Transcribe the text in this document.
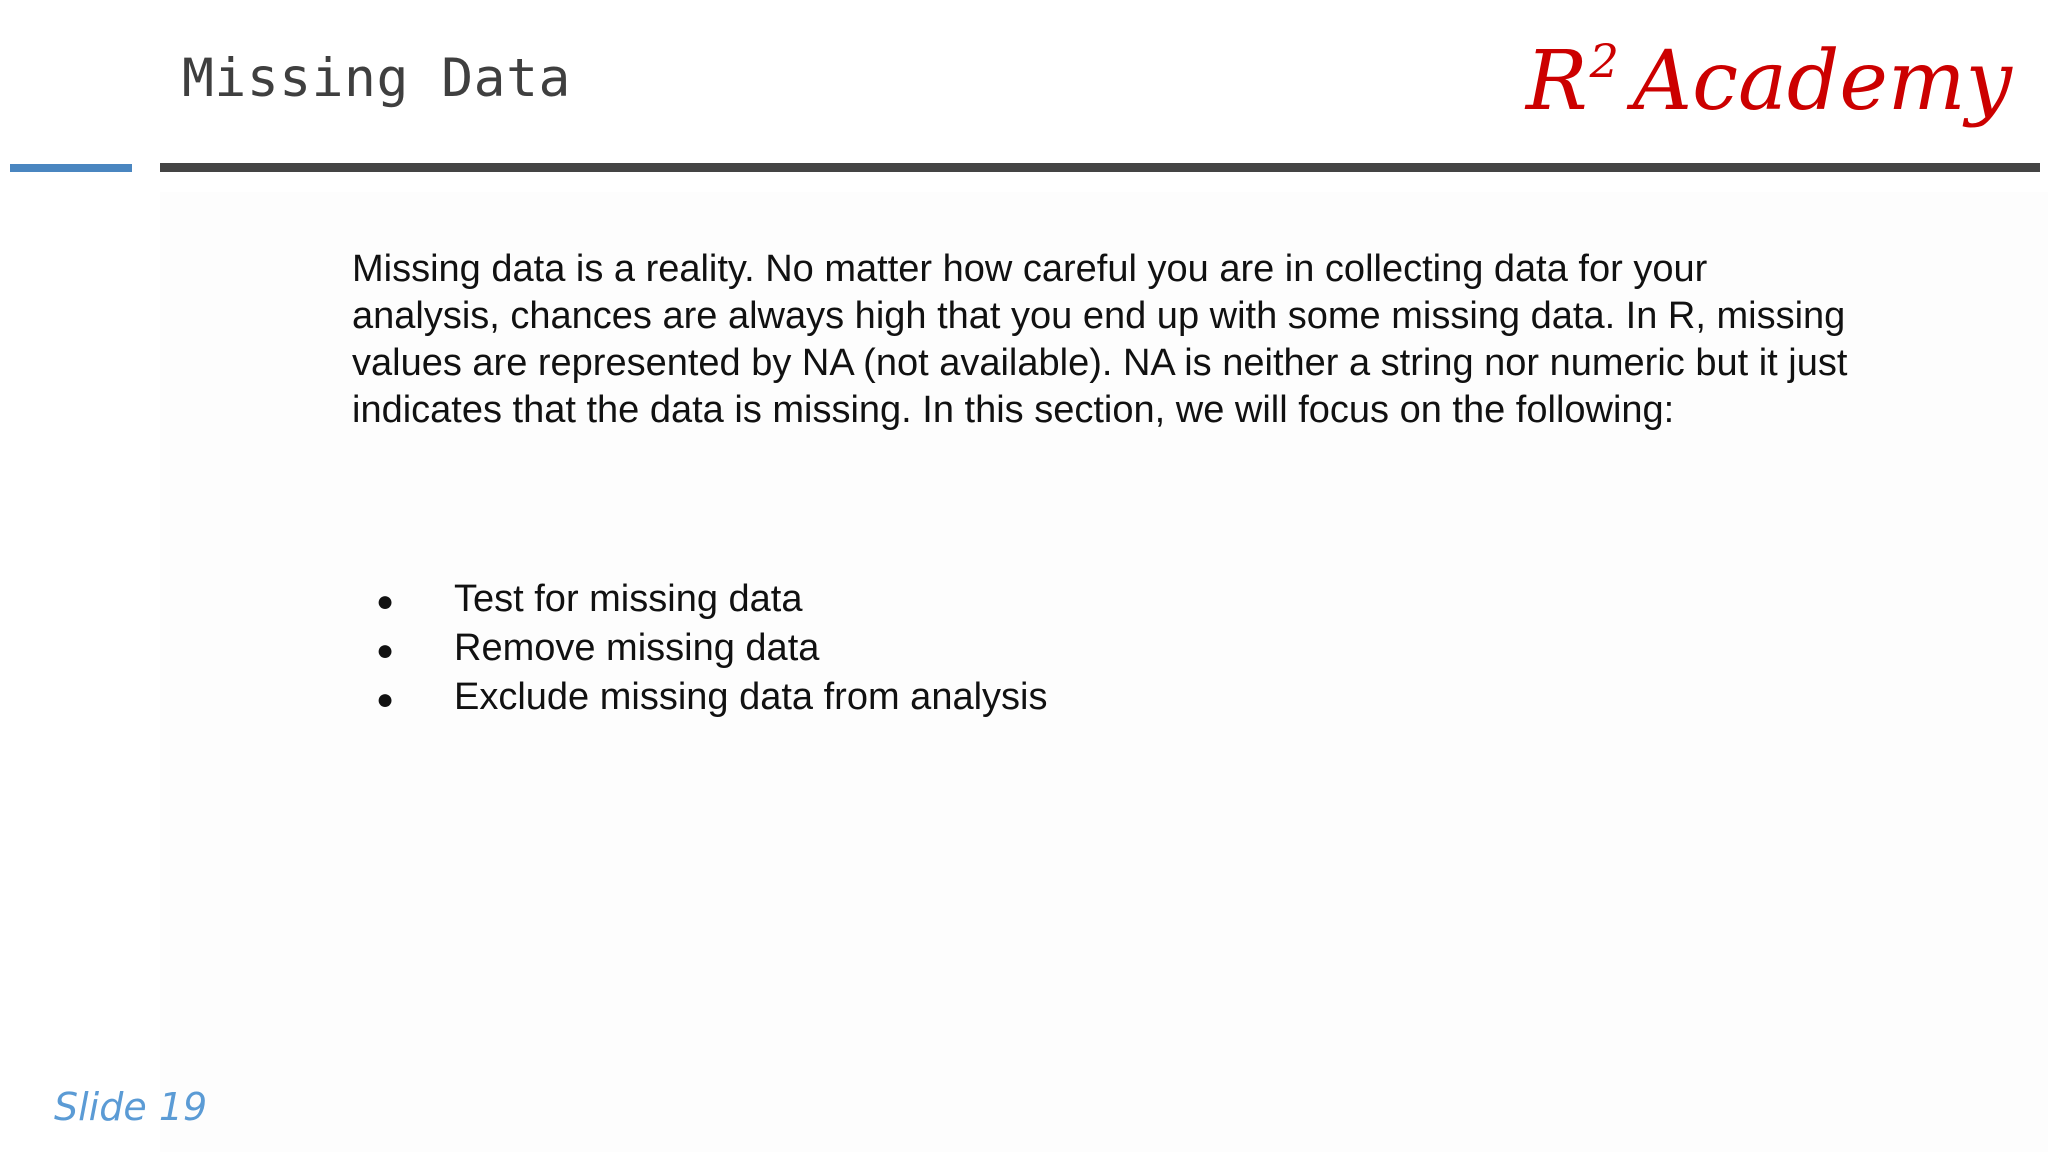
Missing Data	$R^2$ Academy
Missing data is a reality. No matter how careful you are in collecting data for your analysis, chances are always high that you end up with some missing data. In R, missing values are represented by NA (not available). NA is neither a string nor numeric but it just indicates that the data is missing. In this section, we will focus on the following:
●	Test for missing data
●	Remove missing data
●	Exclude missing data from analysis
Slide 19
